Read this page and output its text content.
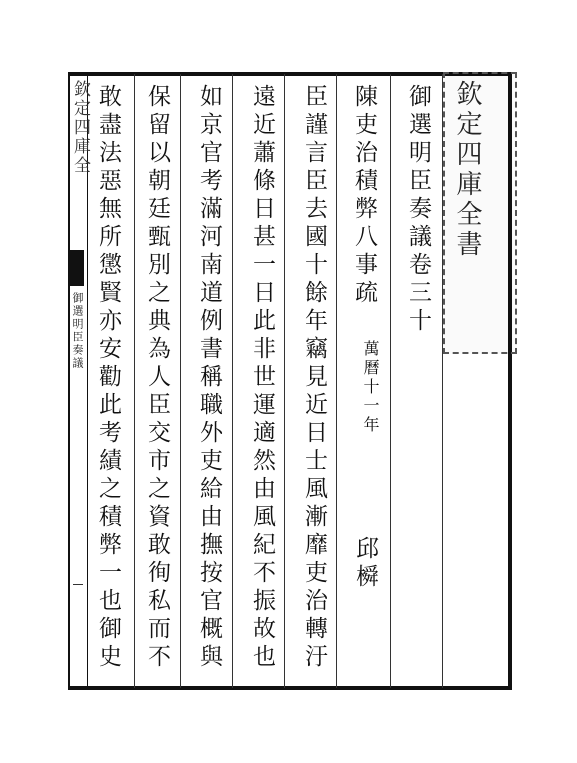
欽定四庫全
御選明臣奏議	臣謹言臣去國十餘年竊見近日士風漸靡吏治轉汙
遠近蕭條日甚一日此非世運適然由風紀不振故也
如京官考滿河南道例書稱職外吏給由撫按官概與
保留以朝廷甄別之典為人臣交市之資敢徇私而不
敢盡法惡無所懲賢亦安勸此考績之積弊一也御史	陳吏治積弊八事疏
萬曆十一年
邱橓
御選明臣奏議卷三十 欽定四庫全書
